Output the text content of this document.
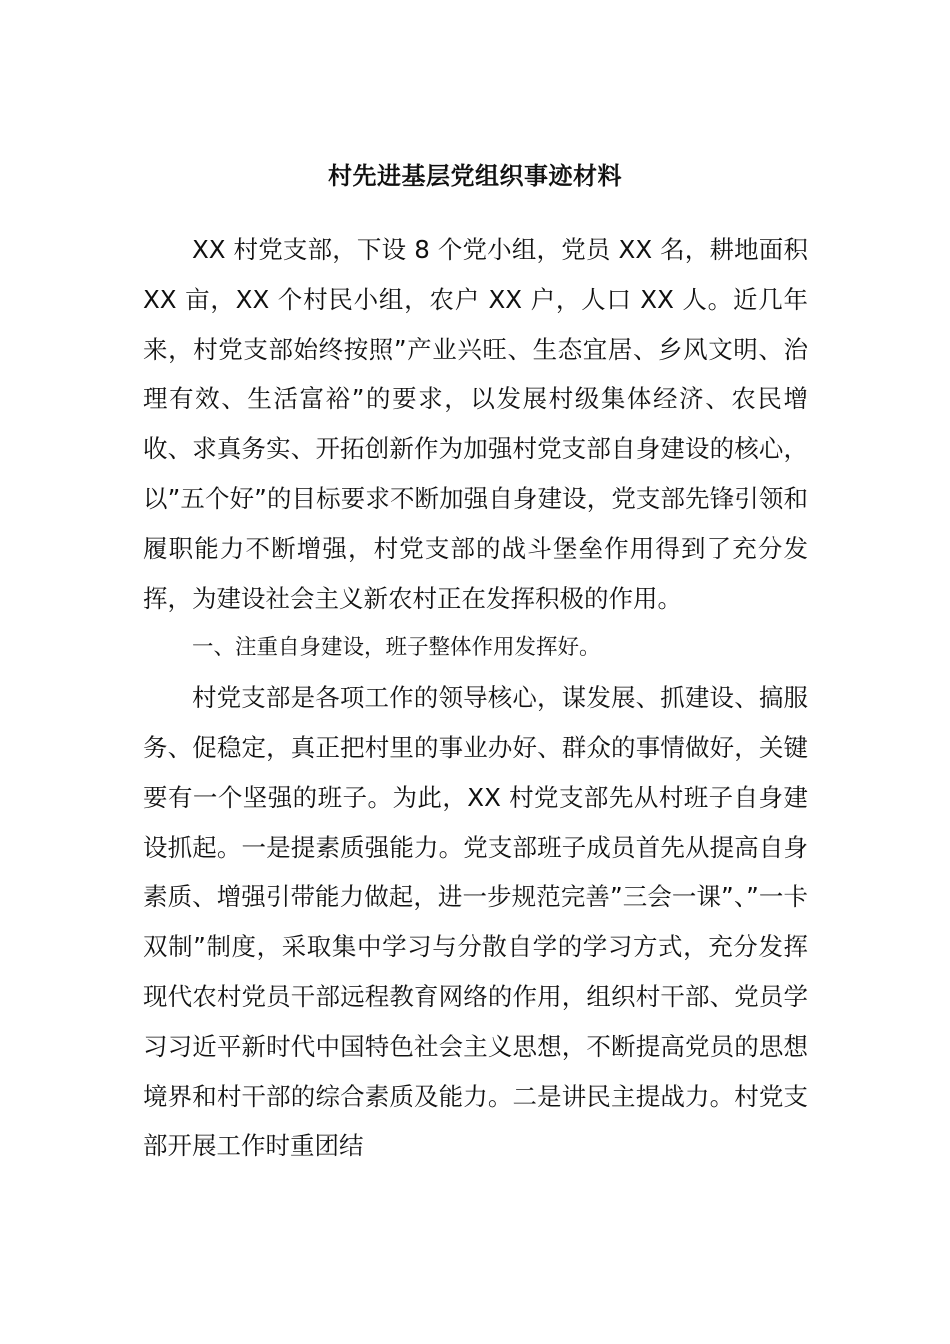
村先进基层党组织事迹材料

XX 村党支部，下设 8 个党小组，党员 XX 名，耕地面积 XX 亩，XX 个村民小组，农户 XX 户，人口 XX 人。近几年来，村党支部始终按照”产业兴旺、生态宜居、乡风文明、治理有效、生活富裕”的要求，以发展村级集体经济、农民增收、求真务实、开拓创新作为加强村党支部自身建设的核心，以”五个好”的目标要求不断加强自身建设，党支部先锋引领和履职能力不断增强，村党支部的战斗堡垒作用得到了充分发挥，为建设社会主义新农村正在发挥积极的作用。

一、注重自身建设，班子整体作用发挥好。

村党支部是各项工作的领导核心，谋发展、抓建设、搞服务、促稳定，真正把村里的事业办好、群众的事情做好，关键要有一个坚强的班子。为此，XX 村党支部先从村班子自身建设抓起。一是提素质强能力。党支部班子成员首先从提高自身素质、增强引带能力做起，进一步规范完善”三会一课”、”一卡双制”制度，采取集中学习与分散自学的学习方式，充分发挥现代农村党员干部远程教育网络的作用，组织村干部、党员学习习近平新时代中国特色社会主义思想，不断提高党员的思想境界和村干部的综合素质及能力。二是讲民主提战力。村党支部开展工作时重团结
